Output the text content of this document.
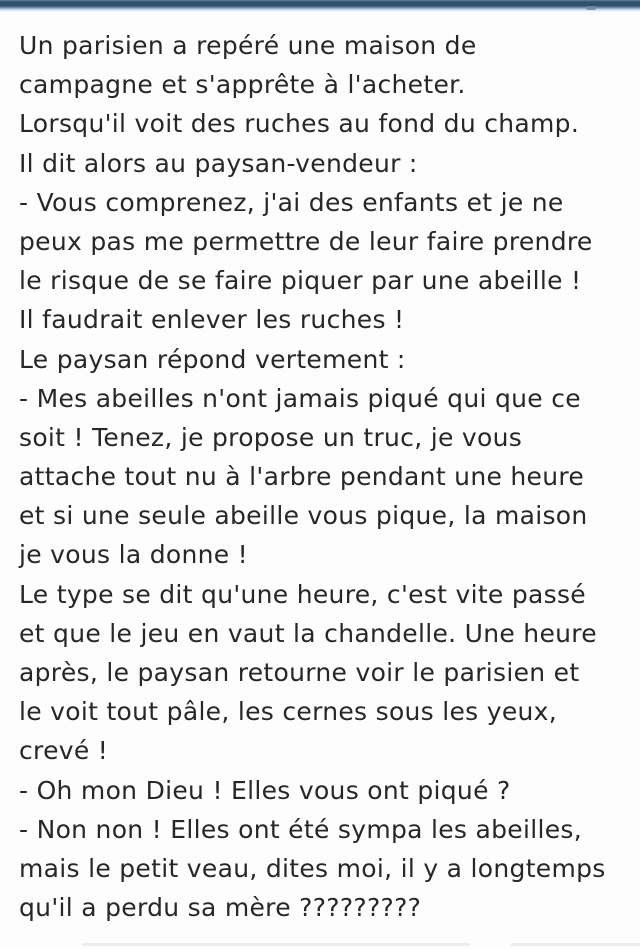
Un parisien a repéré une maison de
campagne et s'apprête à l'acheter.
Lorsqu'il voit des ruches au fond du champ.
Il dit alors au paysan-vendeur :
- Vous comprenez, j'ai des enfants et je ne
peux pas me permettre de leur faire prendre
le risque de se faire piquer par une abeille !
Il faudrait enlever les ruches !
Le paysan répond vertement :
- Mes abeilles n'ont jamais piqué qui que ce
soit ! Tenez, je propose un truc, je vous
attache tout nu à l'arbre pendant une heure
et si une seule abeille vous pique, la maison
je vous la donne !
Le type se dit qu'une heure, c'est vite passé
et que le jeu en vaut la chandelle. Une heure
après, le paysan retourne voir le parisien et
le voit tout pâle, les cernes sous les yeux,
crevé !
- Oh mon Dieu ! Elles vous ont piqué ?
- Non non ! Elles ont été sympa les abeilles,
mais le petit veau, dites moi, il y a longtemps
qu'il a perdu sa mère ?????????
